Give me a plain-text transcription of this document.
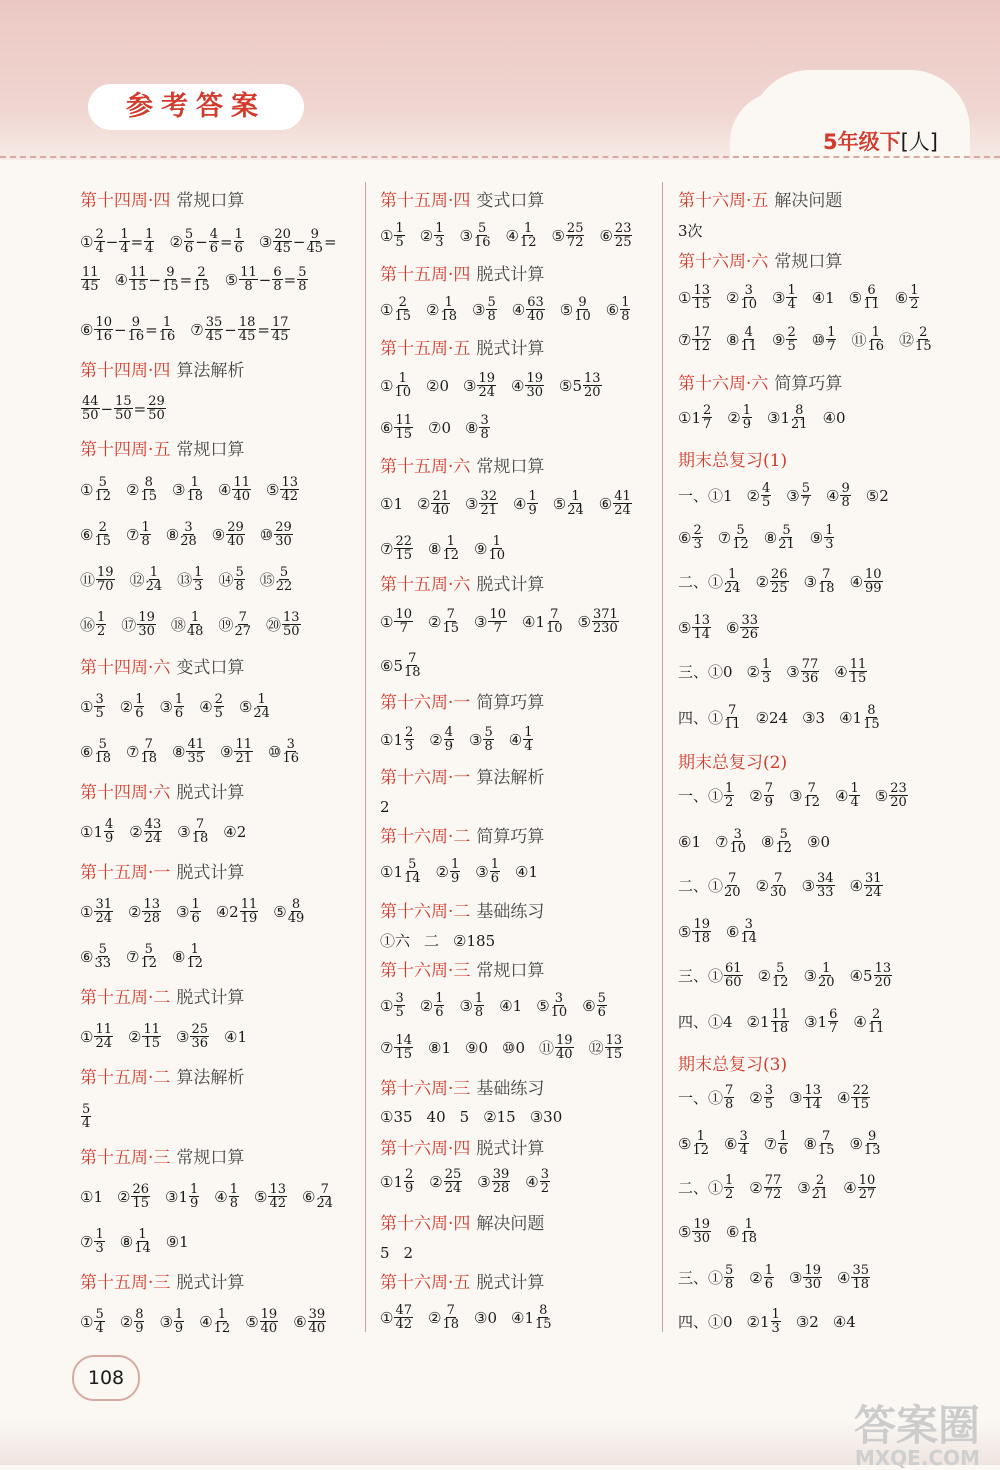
参考答案
5年级下[人]
第十四周·四 常规口算
① $\frac{2}{4} - \frac{1}{4} = \frac{1}{4}$ ② $\frac{5}{6} - \frac{4}{6} = \frac{1}{6}$ ③ $\frac{20}{45} - \frac{9}{45}$ =
$\frac{11}{45}$ ④ $\frac{11}{15} - \frac{9}{15} = \frac{2}{15}$ ⑤ $\frac{11}{8} - \frac{6}{8} = \frac{5}{8}$
⑥ $\frac{10}{16} - \frac{9}{16} = \frac{1}{16}$ ⑦ $\frac{35}{45} - \frac{18}{45} = \frac{17}{45}$
第十四周·四 算法解析
$\frac{44}{50} - \frac{15}{50} = \frac{29}{50}$
第十四周·五 常规口算
① $\frac{5}{12}$ ② $\frac{8}{15}$ ③ $\frac{1}{18}$ ④ $\frac{11}{40}$ ⑤ $\frac{13}{42}$
⑥ $\frac{2}{15}$ ⑦ $\frac{1}{8}$ ⑧ $\frac{3}{28}$ ⑨ $\frac{29}{40}$ ⑩ $\frac{29}{30}$
⑪ $\frac{19}{70}$ ⑫ $\frac{1}{24}$ ⑬ $\frac{1}{3}$ ⑭ $\frac{5}{8}$ ⑮ $\frac{5}{22}$
⑯ $\frac{1}{2}$ ⑰ $\frac{19}{30}$ ⑱ $\frac{1}{48}$ ⑲ $\frac{7}{27}$ ⑳ $\frac{13}{50}$
第十四周·六 变式口算
① $\frac{3}{5}$ ② $\frac{1}{6}$ ③ $\frac{1}{6}$ ④ $\frac{2}{5}$ ⑤ $\frac{1}{24}$
⑥ $\frac{5}{18}$ ⑦ $\frac{7}{18}$ ⑧ $\frac{41}{35}$ ⑨ $\frac{11}{21}$ ⑩ $\frac{3}{16}$
第十四周·六 脱式计算
①1 $\frac{4}{9}$ ② $\frac{43}{24}$ ③ $\frac{7}{18}$ ④2
第十五周·一 脱式计算
① $\frac{31}{24}$ ② $\frac{13}{28}$ ③ $\frac{1}{6}$ ④2 $\frac{11}{19}$ ⑤ $\frac{8}{49}$
⑥ $\frac{5}{33}$ ⑦ $\frac{5}{12}$ ⑧ $\frac{1}{12}$
第十五周·二 脱式计算
① $\frac{11}{24}$ ② $\frac{11}{15}$ ③ $\frac{25}{36}$ ④1
第十五周·二 算法解析
$\frac{5}{4}$
第十五周·三 常规口算
①1 ② $\frac{26}{15}$ ③1 $\frac{1}{9}$ ④ $\frac{1}{8}$ ⑤ $\frac{13}{42}$ ⑥ $\frac{7}{24}$
⑦ $\frac{1}{3}$ ⑧ $\frac{1}{14}$ ⑨1
第十五周·三 脱式计算
① $\frac{5}{4}$ ② $\frac{8}{9}$ ③ $\frac{1}{9}$ ④ $\frac{1}{12}$ ⑤ $\frac{19}{40}$ ⑥ $\frac{39}{40}$
第十五周·四 变式口算
① $\frac{1}{5}$ ② $\frac{1}{3}$ ③ $\frac{5}{16}$ ④ $\frac{1}{12}$ ⑤ $\frac{25}{72}$ ⑥ $\frac{23}{25}$
第十五周·四 脱式计算
① $\frac{2}{15}$ ② $\frac{1}{18}$ ③ $\frac{5}{8}$ ④ $\frac{63}{40}$ ⑤ $\frac{9}{10}$ ⑥ $\frac{1}{8}$
第十五周·五 脱式计算
① $\frac{1}{10}$ ②0 ③ $\frac{19}{24}$ ④ $\frac{19}{30}$ ⑤5 $\frac{13}{20}$
⑥ $\frac{11}{15}$ ⑦0 ⑧ $\frac{3}{8}$
第十五周·六 常规口算
①1 ② $\frac{21}{40}$ ③ $\frac{32}{21}$ ④ $\frac{1}{9}$ ⑤ $\frac{1}{24}$ ⑥ $\frac{41}{24}$
⑦ $\frac{22}{15}$ ⑧ $\frac{1}{12}$ ⑨ $\frac{1}{10}$
第十五周·六 脱式计算
① $\frac{10}{7}$ ② $\frac{7}{15}$ ③ $\frac{10}{7}$ ④1 $\frac{7}{10}$ ⑤ $\frac{371}{230}$
⑥5 $\frac{7}{18}$
第十六周·一 简算巧算
①1 $\frac{2}{3}$ ② $\frac{4}{9}$ ③ $\frac{5}{8}$ ④ $\frac{1}{4}$
第十六周·一 算法解析
2
第十六周·二 简算巧算
①1 $\frac{5}{14}$ ② $\frac{1}{9}$ ③ $\frac{1}{6}$ ④1
第十六周·二 基础练习
①六 二 ②185
第十六周·三 常规口算
① $\frac{3}{5}$ ② $\frac{1}{6}$ ③ $\frac{1}{8}$ ④1 ⑤ $\frac{3}{10}$ ⑥ $\frac{5}{6}$
⑦ $\frac{14}{15}$ ⑧1 ⑨0 ⑩0 ⑪ $\frac{19}{40}$ ⑫ $\frac{13}{15}$
第十六周·三 基础练习
①35 40 5 ②15 ③30
第十六周·四 脱式计算
①1 $\frac{2}{9}$ ② $\frac{25}{24}$ ③ $\frac{39}{28}$ ④ $\frac{3}{2}$
第十六周·四 解决问题
5 2
第十六周·五 脱式计算
① $\frac{47}{42}$ ② $\frac{7}{18}$ ③0 ④1 $\frac{8}{15}$
第十六周·五 解决问题
3次
第十六周·六 常规口算
① $\frac{13}{15}$ ② $\frac{3}{10}$ ③ $\frac{1}{4}$ ④1 ⑤ $\frac{6}{11}$ ⑥ $\frac{1}{2}$
⑦ $\frac{17}{12}$ ⑧ $\frac{4}{11}$ ⑨ $\frac{2}{5}$ ⑩ $\frac{1}{7}$ ⑪ $\frac{1}{16}$ ⑫ $\frac{2}{15}$
第十六周·六 简算巧算
①1 $\frac{2}{7}$ ② $\frac{1}{9}$ ③1 $\frac{8}{21}$ ④0
期末总复习(1)
一、①1 ② $\frac{4}{5}$ ③ $\frac{5}{7}$ ④ $\frac{9}{8}$ ⑤2
⑥ $\frac{2}{3}$ ⑦ $\frac{5}{12}$ ⑧ $\frac{5}{21}$ ⑨ $\frac{1}{3}$
二、① $\frac{1}{24}$ ② $\frac{26}{25}$ ③ $\frac{7}{18}$ ④ $\frac{10}{99}$
⑤ $\frac{13}{14}$ ⑥ $\frac{33}{26}$
三、①0 ② $\frac{1}{3}$ ③ $\frac{77}{36}$ ④ $\frac{11}{15}$
四、① $\frac{7}{11}$ ②24 ③3 ④1 $\frac{8}{15}$
期末总复习(2)
一、① $\frac{1}{2}$ ② $\frac{7}{9}$ ③ $\frac{7}{12}$ ④ $\frac{1}{4}$ ⑤ $\frac{23}{20}$
⑥1 ⑦ $\frac{3}{10}$ ⑧ $\frac{5}{12}$ ⑨0
二、① $\frac{7}{20}$ ② $\frac{7}{30}$ ③ $\frac{34}{33}$ ④ $\frac{31}{24}$
⑤ $\frac{19}{18}$ ⑥ $\frac{3}{14}$
三、① $\frac{61}{60}$ ② $\frac{5}{12}$ ③ $\frac{1}{20}$ ④5 $\frac{13}{20}$
四、①4 ②1 $\frac{11}{18}$ ③1 $\frac{6}{7}$ ④ $\frac{2}{11}$
期末总复习(3)
一、① $\frac{7}{8}$ ② $\frac{3}{5}$ ③ $\frac{13}{14}$ ④ $\frac{22}{15}$
⑤ $\frac{1}{12}$ ⑥ $\frac{3}{4}$ ⑦ $\frac{1}{6}$ ⑧ $\frac{7}{15}$ ⑨ $\frac{9}{13}$
二、① $\frac{1}{2}$ ② $\frac{77}{72}$ ③ $\frac{2}{21}$ ④ $\frac{10}{27}$
⑤ $\frac{19}{30}$ ⑥ $\frac{1}{18}$
三、① $\frac{5}{8}$ ② $\frac{1}{6}$ ③ $\frac{19}{30}$ ④ $\frac{35}{18}$
四、①0 ②1 $\frac{1}{3}$ ③2 ④4
108
答案圈
MXQE.COM
